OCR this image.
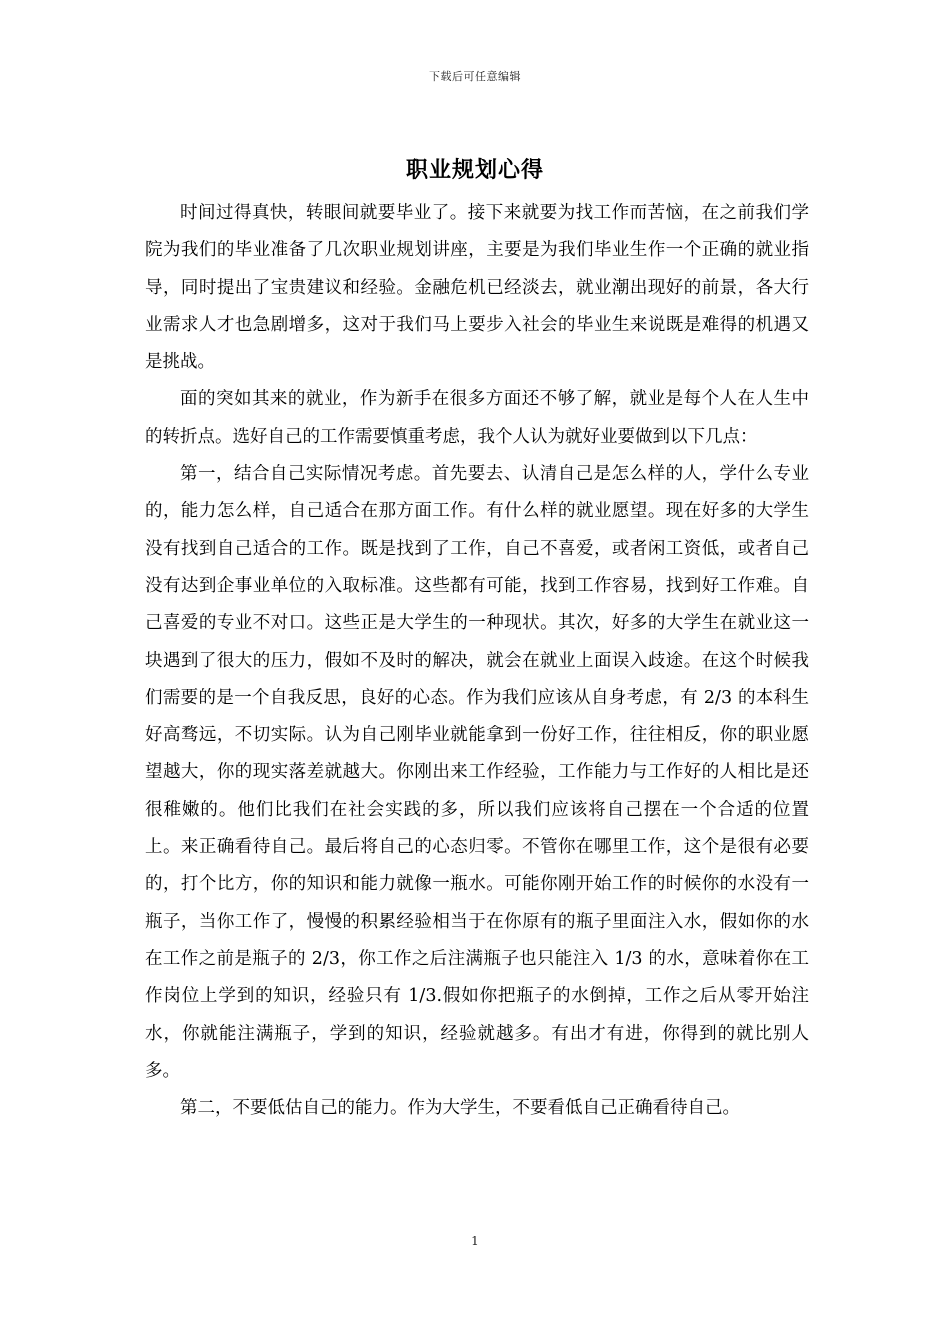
下载后可任意编辑
职业规划心得

时间过得真快，转眼间就要毕业了。接下来就要为找工作而苦恼，在之前我们学院为我们的毕业准备了几次职业规划讲座，主要是为我们毕业生作一个正确的就业指导，同时提出了宝贵建议和经验。金融危机已经淡去，就业潮出现好的前景，各大行业需求人才也急剧增多，这对于我们马上要步入社会的毕业生来说既是难得的机遇又是挑战。

面的突如其来的就业，作为新手在很多方面还不够了解，就业是每个人在人生中的转折点。选好自己的工作需要慎重考虑，我个人认为就好业要做到以下几点：

第一，结合自己实际情况考虑。首先要去、认清自己是怎么样的人，学什么专业的，能力怎么样，自己适合在那方面工作。有什么样的就业愿望。现在好多的大学生没有找到自己适合的工作。既是找到了工作，自己不喜爱，或者闲工资低，或者自己没有达到企事业单位的入取标准。这些都有可能，找到工作容易，找到好工作难。自己喜爱的专业不对口。这些正是大学生的一种现状。其次，好多的大学生在就业这一块遇到了很大的压力，假如不及时的解决，就会在就业上面误入歧途。在这个时候我们需要的是一个自我反思，良好的心态。作为我们应该从自身考虑，有 2/3 的本科生好高骛远，不切实际。认为自己刚毕业就能拿到一份好工作，往往相反，你的职业愿望越大，你的现实落差就越大。你刚出来工作经验，工作能力与工作好的人相比是还很稚嫩的。他们比我们在社会实践的多，所以我们应该将自己摆在一个合适的位置上。来正确看待自己。最后将自己的心态归零。不管你在哪里工作，这个是很有必要的，打个比方，你的知识和能力就像一瓶水。可能你刚开始工作的时候你的水没有一瓶子，当你工作了，慢慢的积累经验相当于在你原有的瓶子里面注入水，假如你的水在工作之前是瓶子的 2/3，你工作之后注满瓶子也只能注入 1/3 的水，意味着你在工作岗位上学到的知识，经验只有 1/3.假如你把瓶子的水倒掉，工作之后从零开始注水，你就能注满瓶子，学到的知识，经验就越多。有出才有进，你得到的就比别人多。

第二，不要低估自己的能力。作为大学生，不要看低自己正确看待自己。

1
